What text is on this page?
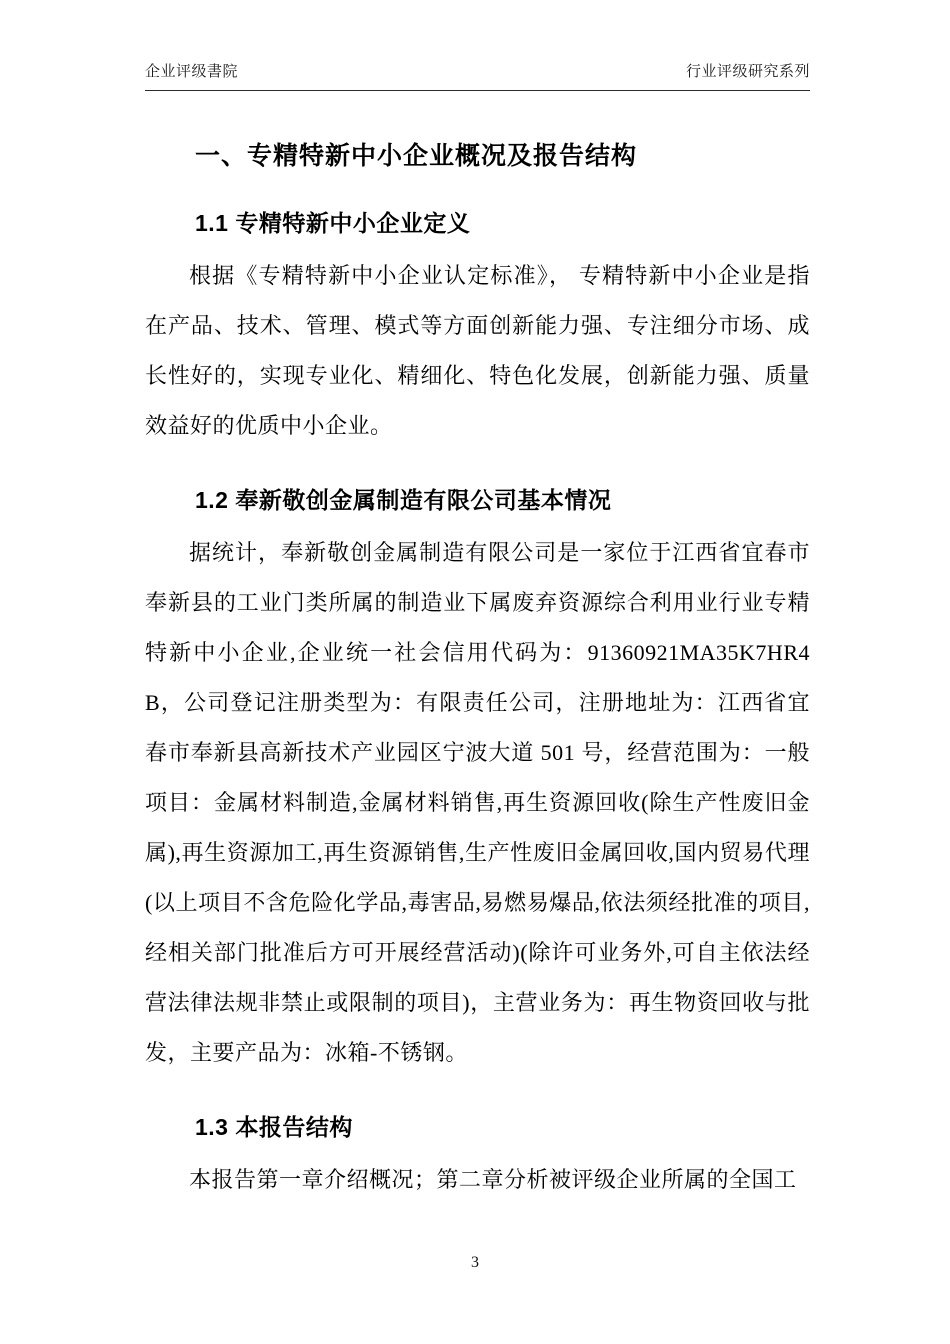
企业评级書院	行业评级研究系列
一、专精特新中小企业概况及报告结构
1.1 专精特新中小企业定义

根据《专精特新中小企业认定标准》， 专精特新中小企业是指在产品、技术、管理、模式等方面创新能力强、专注细分市场、成长性好的，实现专业化、精细化、特色化发展，创新能力强、质量效益好的优质中小企业。

1.2 奉新敬创金属制造有限公司基本情况

据统计，奉新敬创金属制造有限公司是一家位于江西省宜春市奉新县的工业门类所属的制造业下属废弃资源综合利用业行业专精特新中小企业,企业统一社会信用代码为：91360921MA35K7HR4B，公司登记注册类型为：有限责任公司，注册地址为：江西省宜春市奉新县高新技术产业园区宁波大道 501 号，经营范围为：一般项目：金属材料制造,金属材料销售,再生资源回收(除生产性废旧金属),再生资源加工,再生资源销售,生产性废旧金属回收,国内贸易代理(以上项目不含危险化学品,毒害品,易燃易爆品,依法须经批准的项目,经相关部门批准后方可开展经营活动)(除许可业务外,可自主依法经营法律法规非禁止或限制的项目)，主营业务为：再生物资回收与批发，主要产品为：冰箱-不锈钢。

1.3 本报告结构

本报告第一章介绍概况；第二章分析被评级企业所属的全国工

3
